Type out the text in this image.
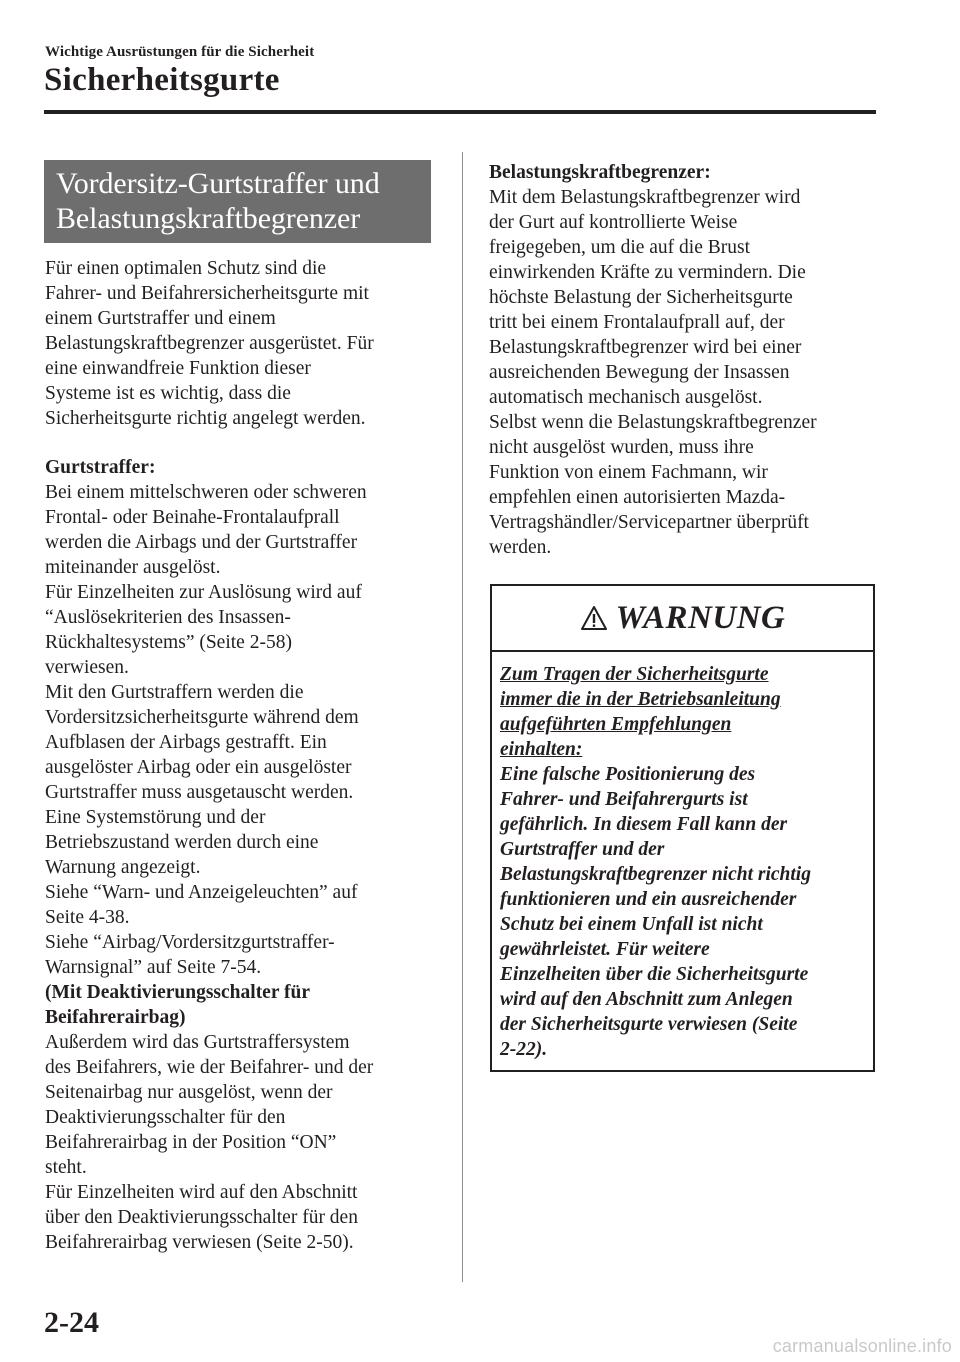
Wichtige Ausrüstungen für die Sicherheit
Sicherheitsgurte
Vordersitz-Gurtstraffer und
Belastungskraftbegrenzer

Für einen optimalen Schutz sind die

Fahrer- und Beifahrersicherheitsgurte mit

einem Gurtstraffer und einem

Belastungskraftbegrenzer ausgerüstet. Für

eine einwandfreie Funktion dieser

Systeme ist es wichtig, dass die

Sicherheitsgurte richtig angelegt werden.

Gurtstraffer:

Bei einem mittelschweren oder schweren

Frontal- oder Beinahe-Frontalaufprall

werden die Airbags und der Gurtstraffer

miteinander ausgelöst.

Für Einzelheiten zur Auslösung wird auf

“Auslösekriterien des Insassen-

Rückhaltesystems” (Seite 2-58)

verwiesen.

Mit den Gurtstraffern werden die

Vordersitzsicherheitsgurte während dem

Aufblasen der Airbags gestrafft. Ein

ausgelöster Airbag oder ein ausgelöster

Gurtstraffer muss ausgetauscht werden.

Eine Systemstörung und der

Betriebszustand werden durch eine

Warnung angezeigt.

Siehe “Warn- und Anzeigeleuchten” auf

Seite 4-38.

Siehe “Airbag/Vordersitzgurtstraffer-

Warnsignal” auf Seite 7-54.

(Mit Deaktivierungsschalter für

Beifahrerairbag)

Außerdem wird das Gurtstraffersystem

des Beifahrers, wie der Beifahrer- und der

Seitenairbag nur ausgelöst, wenn der

Deaktivierungsschalter für den

Beifahrerairbag in der Position “ON”

steht.

Für Einzelheiten wird auf den Abschnitt

über den Deaktivierungsschalter für den

Beifahrerairbag verwiesen (Seite 2-50).

Belastungskraftbegrenzer:

Mit dem Belastungskraftbegrenzer wird

der Gurt auf kontrollierte Weise

freigegeben, um die auf die Brust

einwirkenden Kräfte zu vermindern. Die

höchste Belastung der Sicherheitsgurte

tritt bei einem Frontalaufprall auf, der

Belastungskraftbegrenzer wird bei einer

ausreichenden Bewegung der Insassen

automatisch mechanisch ausgelöst.

Selbst wenn die Belastungskraftbegrenzer

nicht ausgelöst wurden, muss ihre

Funktion von einem Fachmann, wir

empfehlen einen autorisierten Mazda-

Vertragshändler/Servicepartner überprüft

werden.

WARNUNG

Zum Tragen der Sicherheitsgurte

immer die in der Betriebsanleitung

aufgeführten Empfehlungen

einhalten:

Eine falsche Positionierung des

Fahrer- und Beifahrergurts ist

gefährlich. In diesem Fall kann der

Gurtstraffer und der

Belastungskraftbegrenzer nicht richtig

funktionieren und ein ausreichender

Schutz bei einem Unfall ist nicht

gewährleistet. Für weitere

Einzelheiten über die Sicherheitsgurte

wird auf den Abschnitt zum Anlegen

der Sicherheitsgurte verwiesen (Seite

2-22).

2-24
carmanualsonline.info
